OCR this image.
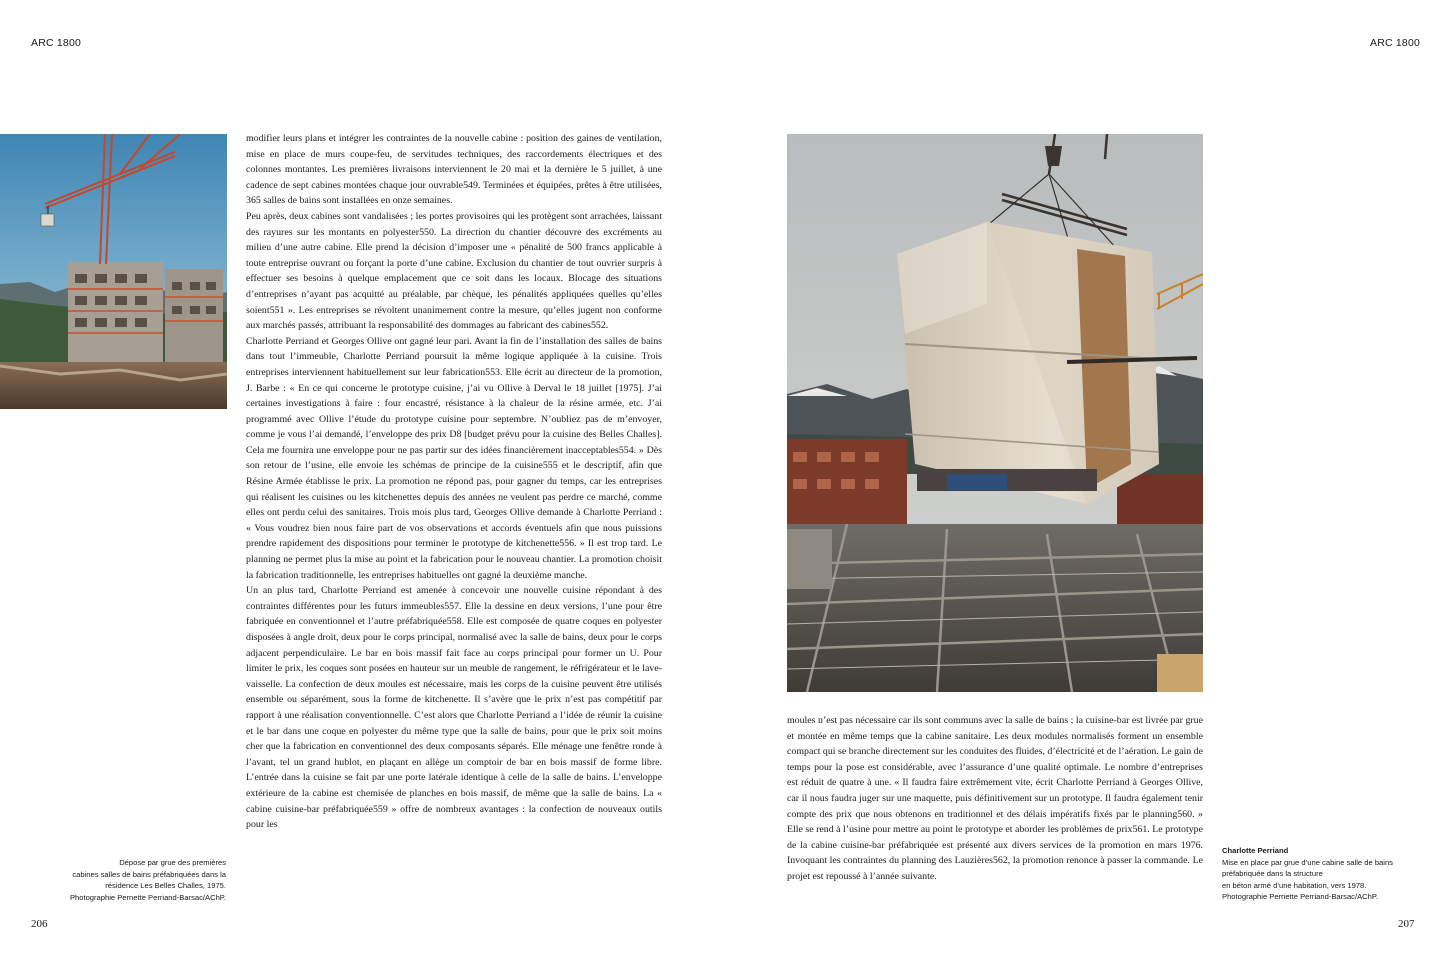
ARC 1800	ARC 1800
Dépose par grue des premières
cabines salles de bains préfabriquées dans la
résidence Les Belles Challes, 1975.
Photographie Pernette Perriand-Barsac/AChP.

modifier leurs plans et intégrer les contraintes de la nouvelle cabine : position des gaines de ventilation, mise en place de murs coupe-feu, de servitudes techniques, des raccordements électriques et des colonnes montantes. Les premières livraisons interviennent le 20 mai et la dernière le 5 juillet, à une cadence de sept cabines montées chaque jour ouvrable549. Terminées et équipées, prêtes à être utilisées, 365 salles de bains sont installées en onze semaines.

Peu après, deux cabines sont vandalisées ; les portes provisoires qui les protègent sont arrachées, laissant des rayures sur les montants en polyester550. La direction du chantier découvre des excréments au milieu d’une autre cabine. Elle prend la décision d’imposer une « pénalité de 500 francs applicable à toute entreprise ouvrant ou forçant la porte d’une cabine. Exclusion du chantier de tout ouvrier surpris à effectuer ses besoins à quelque emplacement que ce soit dans les locaux. Blocage des situations d’entreprises n’ayant pas acquitté au préalable, par chèque, les pénalités appliquées quelles qu’elles soient551 ». Les entreprises se révoltent unanimement contre la mesure, qu’elles jugent non conforme aux marchés passés, attribuant la responsabilité des dommages au fabricant des cabines552.

Charlotte Perriand et Georges Ollive ont gagné leur pari. Avant la fin de l’installation des salles de bains dans tout l’immeuble, Charlotte Perriand poursuit la même logique appliquée à la cuisine. Trois entreprises interviennent habituellement sur leur fabrication553. Elle écrit au directeur de la promotion, J. Barbe : « En ce qui concerne le prototype cuisine, j’ai vu Ollive à Derval le 18 juillet [1975]. J’ai certaines investigations à faire : four encastré, résistance à la chaleur de la résine armée, etc. J’ai programmé avec Ollive l’étude du prototype cuisine pour septembre. N’oubliez pas de m’envoyer, comme je vous l’ai demandé, l’enveloppe des prix D8 [budget prévu pour la cuisine des Belles Challes]. Cela me fournira une enveloppe pour ne pas partir sur des idées financièrement inacceptables554. » Dès son retour de l’usine, elle envoie les schémas de principe de la cuisine555 et le descriptif, afin que Résine Armée établisse le prix. La promotion ne répond pas, pour gagner du temps, car les entreprises qui réalisent les cuisines ou les kitchenettes depuis des années ne veulent pas perdre ce marché, comme elles ont perdu celui des sanitaires. Trois mois plus tard, Georges Ollive demande à Charlotte Perriand : « Vous voudrez bien nous faire part de vos observations et accords éventuels afin que nous puissions prendre rapidement des dispositions pour terminer le prototype de kitchenette556. » Il est trop tard. Le planning ne permet plus la mise au point et la fabrication pour le nouveau chantier. La promotion choisit la fabrication traditionnelle, les entreprises habituelles ont gagné la deuxième manche.

Un an plus tard, Charlotte Perriand est amenée à concevoir une nouvelle cuisine répondant à des contraintes différentes pour les futurs immeubles557. Elle la dessine en deux versions, l’une pour être fabriquée en conventionnel et l’autre préfabriquée558. Elle est composée de quatre coques en polyester disposées à angle droit, deux pour le corps principal, normalisé avec la salle de bains, deux pour le corps adjacent perpendiculaire. Le bar en bois massif fait face au corps principal pour former un U. Pour limiter le prix, les coques sont posées en hauteur sur un meuble de rangement, le réfrigérateur et le lave-vaisselle. La confection de deux moules est nécessaire, mais les corps de la cuisine peuvent être utilisés ensemble ou séparément, sous la forme de kitchenette. Il s’avère que le prix n’est pas compétitif par rapport à une réalisation conventionnelle. C’est alors que Charlotte Perriand a l’idée de réunir la cuisine et le bar dans une coque en polyester du même type que la salle de bains, pour que le prix soit moins cher que la fabrication en conventionnel des deux composants séparés. Elle ménage une fenêtre ronde à l’avant, tel un grand hublot, en plaçant en allège un comptoir de bar en bois massif de forme libre. L’entrée dans la cuisine se fait par une porte latérale identique à celle de la salle de bains. L’enveloppe extérieure de la cabine est chemisée de planches en bois massif, de même que la salle de bains. La « cabine cuisine-bar préfabriquée559 » offre de nombreux avantages : la confection de nouveaux outils pour les

moules n’est pas nécessaire car ils sont communs avec la salle de bains ; la cuisine-bar est livrée par grue et montée en même temps que la cabine sanitaire. Les deux modules normalisés forment un ensemble compact qui se branche directement sur les conduites des fluides, d’électricité et de l’aération. Le gain de temps pour la pose est considérable, avec l’assurance d’une qualité optimale. Le nombre d’entreprises est réduit de quatre à une. « Il faudra faire extrêmement vite, écrit Charlotte Perriand à Georges Ollive, car il nous faudra juger sur une maquette, puis définitivement sur un prototype. Il faudra également tenir compte des prix que nous obtenons en traditionnel et des délais impératifs fixés par le planning560. » Elle se rend à l’usine pour mettre au point le prototype et aborder les problèmes de prix561. Le prototype de la cabine cuisine-bar préfabriquée est présenté aux divers services de la promotion en mars 1976. Invoquant les contraintes du planning des Lauzières562, la promotion renonce à passer la commande. Le projet est repoussé à l’année suivante.

Charlotte Perriand
Mise en place par grue d’une cabine salle de bains
préfabriquée dans la structure
en béton armé d’une habitation, vers 1978.
Photographie Pernette Perriand-Barsac/AChP.
206	207
